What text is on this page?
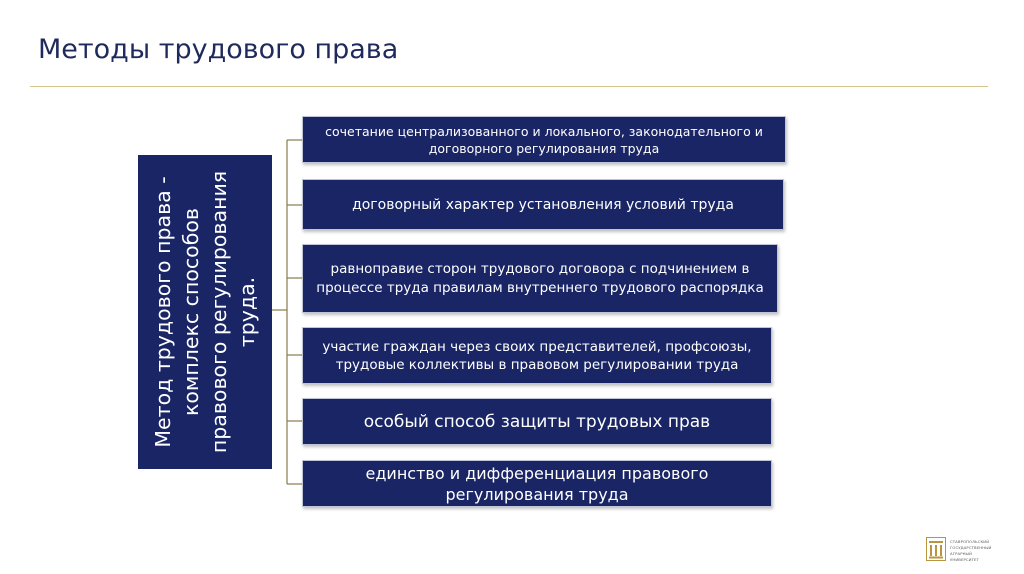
Методы трудового права
Метод трудового права - комплекс способов правового регулирования труда.
сочетание централизованного и локального, законодательного и договорного регулирования труда
договорный характер установления условий труда
равноправие сторон трудового договора с подчинением в процессе труда правилам внутреннего трудового распорядка
участие граждан через своих представителей, профсоюзы, трудовые коллективы в правовом регулировании труда
особый способ защиты трудовых прав
единство и дифференциация правового регулирования труда
СТАВРОПОЛЬСКИЙ ГОСУДАРСТВЕННЫЙ АГРАРНЫЙ УНИВЕРСИТЕТ
